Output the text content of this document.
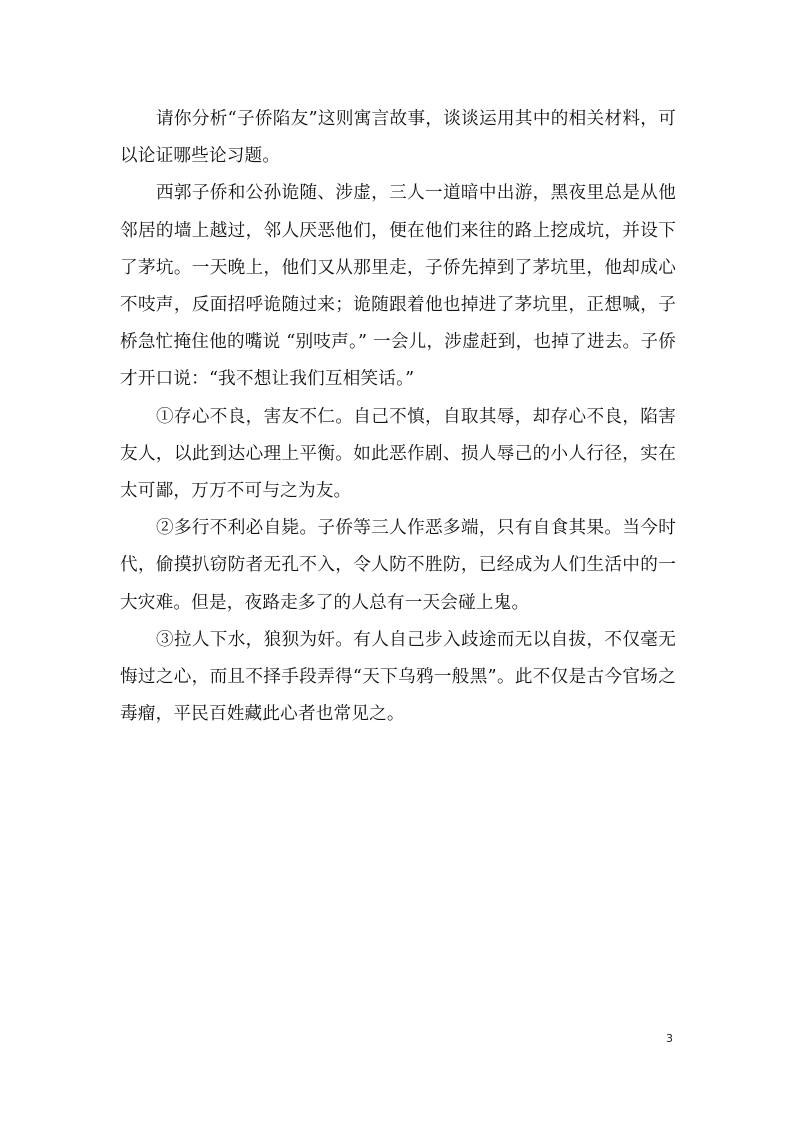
请你分析“子侨陷友”这则寓言故事，谈谈运用其中的相关材料，可以论证哪些论习题。

西郭子侨和公孙诡随、涉虚，三人一道暗中出游，黑夜里总是从他邻居的墙上越过，邻人厌恶他们，便在他们来往的路上挖成坑，并设下了茅坑。一天晚上，他们又从那里走，子侨先掉到了茅坑里，他却成心不吱声，反面招呼诡随过来；诡随跟着他也掉进了茅坑里，正想喊，子桥急忙掩住他的嘴说 “别吱声。” 一会儿，涉虚赶到，也掉了进去。子侨才开口说：“我不想让我们互相笑话。”

①存心不良，害友不仁。自己不慎，自取其辱，却存心不良，陷害友人，以此到达心理上平衡。如此恶作剧、损人辱己的小人行径，实在太可鄙，万万不可与之为友。

②多行不利必自毙。子侨等三人作恶多端，只有自食其果。当今时代，偷摸扒窃防者无孔不入，令人防不胜防，已经成为人们生活中的一大灾难。但是，夜路走多了的人总有一天会碰上鬼。

③拉人下水，狼狈为奸。有人自己步入歧途而无以自拔，不仅毫无悔过之心，而且不择手段弄得“天下乌鸦一般黑”。此不仅是古今官场之毒瘤，平民百姓藏此心者也常见之。

3
